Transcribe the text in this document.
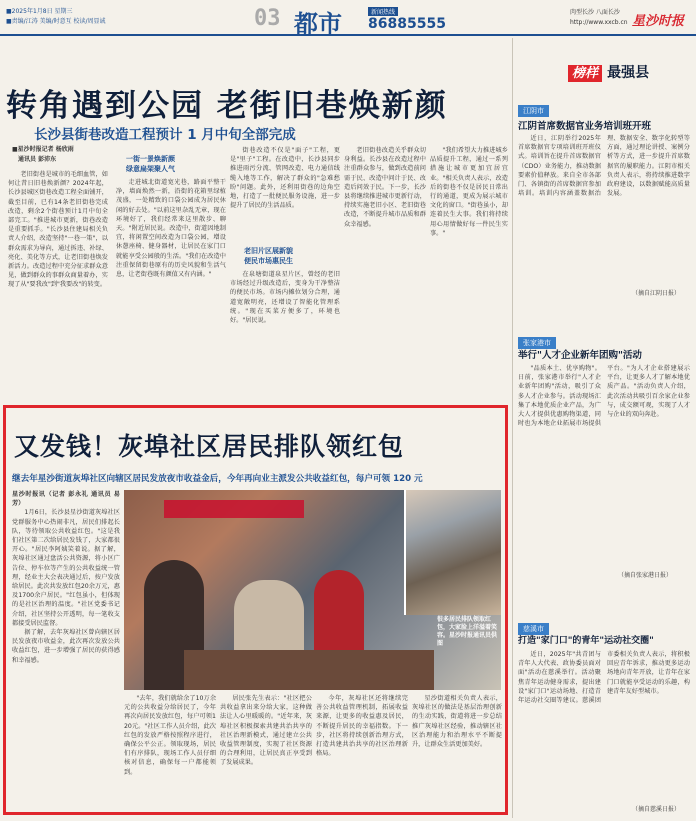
■2025年1月8日 星期三
■责编/江涛 美编/时意互 校读/周显诚	03 都市	新闻热线
86885555
肉型长沙 八面长沙
http://www.xxcb.cn 星沙时报
转角遇到公园 老街旧巷焕新颜
长沙县街巷改造工程预计 1 月中旬全部完成
■星沙时报记者 杨欣雨
通讯员 彭沛东

老旧街巷是城市的毛细血管，如何让昔日旧巷焕新颜？2024年起，长沙县城区街巷改造工程全面铺开，截至目前，已有14条老旧街巷完成改造，剩余2个街巷预计1月中旬全部完工。"推进城市更新，街巷改造是重要抓手。"长沙县住建局相关负责人介绍，改造坚持"一巷一策"，以群众需求为导向，通过拆违、补绿、亮化、美化等方式，让老旧街巷焕发新活力。改造过程中充分征求群众意见，做到群众的事群众商量着办，实现了从"要我改"到"我要改"的转变。

一街一景焕新颜
绿意扁架聚人气

走进城北街道宽光巷，路面平整干净，墙面焕然一新，沿街的花箱里绿植茂盛，一处精致的口袋公园成为居民休闲的好去处。"以前这里杂乱无章，现在环境好了，我们经常来这里散步、聊天。"附近居民说。改造中，街道因地制宜，将闲置空间改造为口袋公园，增设休憩座椅、健身器材，让居民在家门口就能享受公园般的生活。"我们在改造中注重保留街巷原有的历史风貌和生活气息，让老街巷既有颜值又有内涵。"

街巷改造不仅是"面子"工程，更是"里子"工程。在改造中，长沙县同步推进雨污分流、管网改造、电力通信线缆入地等工作，解决了群众的"急难愁盼"问题。此外，还利用街巷的边角空地，打造了一批便民服务设施，进一步提升了居民的生活品质。

老旧片区展新貌
便民市场惠民生

在泉塘街道泉星片区，曾经的老旧市场经过升级改造后，变身为干净整洁的便民市场。市场内摊位划分合理，通道宽敞明亮，还增设了智能化管理系统。"现在买菜方便多了，环境也好。"居民说。

老旧街巷改造关乎群众切身利益。长沙县在改造过程中注重群众参与，做到改造前问需于民、改造中问计于民、改造后问效于民。下一步，长沙县将继续推进城市更新行动，持续实施老旧小区、老旧街巷改造，不断提升城市品质和群众幸福感。

"我们希望大力推进城乡品质提升工程，通过一系列措施让城市更加宜居宜业。"相关负责人表示，改造后的街巷不仅是居民日常出行的通道，更成为展示城市文化的窗口。"街巷虽小，却连着民生大事。我们将持续用心用情做好每一件民生实事。"

又发钱！灰埠社区居民排队领红包
继去年星沙街道灰埠社区向辖区居民发放夜市收益金后，今年再向业主派发公共收益红包，每户可领 120 元

星沙时报讯（记者 彭永礼 通讯员 易芳）

1月6日，长沙县星沙街道灰埠社区党群服务中心热闹非凡，居民们排起长队，等待领取公共收益红包。"这是我们社区第二次给居民发钱了，大家都很开心。"居民李阿姨笑着说。据了解，灰埠社区通过盘活公共资源，将小区广告位、停车位等产生的公共收益统一管理，经业主大会表决通过后，按户发放给居民。此次共发放红包20余万元，惠及1700余户居民。"红包虽小，但体现的是社区治理的温度。"社区党委书记介绍，社区坚持公开透明，每一笔收支都接受居民监督。

据了解，去年灰埠社区曾向辖区居民发放夜市收益金，此次再次发放公共收益红包，进一步增强了居民的获得感和幸福感。

很多居民排队领取红包，大家脸上洋溢着笑容。星沙时报通讯员供图

"去年，我们就给余了10万余元的公共收益分给居民了，今年再次向居民发放红包，每户可领120元。"社区工作人员介绍，此次红包的发放严格按照程序进行，确保公平公正。领取现场，居民们有序排队，现场工作人员仔细核对信息，确保每一户都能领到。

居民张先生表示："社区把公共收益拿出来分给大家，这种做法让人心里暖暖的。"近年来，灰埠社区积极探索共建共治共享的社区治理新模式，通过建立公共收益管理制度，实现了社区资源的合理利用，让居民真正享受到了发展成果。

今年，灰埠社区还将继续完善公共收益管理机制，拓展收益来源，让更多的收益惠及居民，不断提升居民的幸福指数。下一步，社区将持续创新治理方式，打造共建共治共享的社区治理新格局。

星沙街道相关负责人表示，灰埠社区的做法是基层治理创新的生动实践，街道将进一步总结推广灰埠社区经验，推动辖区社区治理能力和治理水平不断提升，让群众生活更加美好。

榜样 最强县
江阴市
江阴首席数据官业务培训班开班

近日，江阴举行2025年首席数据官专项培训班开班仪式。培训旨在提升首席数据官（CDO）业务能力，推动数据要素价值释放。来自全市各部门、各镇街的首席数据官参加培训。培训内容涵盖数据治理、数据安全、数字化转型等方面，通过理论讲授、案例分析等方式，进一步提升首席数据官的履职能力。江阴市相关负责人表示，将持续推进数字政府建设，以数据赋能高质量发展。

（摘自江阴日报）
张家港市
举行"人才企业新年团购"活动

"品质本土、优享购物"。日前，张家港市举行"人才企业新年团购"活动，吸引了众多人才企业参与。活动现场汇集了本地优质企业产品，为广大人才提供优惠购物渠道，同时也为本地企业拓展市场提供平台。"为人才企业搭建展示平台，让更多人才了解本地优质产品。"活动负责人介绍，此次活动共吸引百余家企业参与，成交额可观，实现了人才与企业的双向奔赴。

（摘自张家港日报）
慈溪市
打造"家门口"的青年"运动社交圈"

近日，2025年"共青团与青年人大代表、政协委员面对面"活动在慈溪举行。活动聚焦青年运动健身需求，提出建设"家门口"运动场地、打造青年运动社交圈等建议。慈溪团市委相关负责人表示，将积极回应青年诉求，推动更多运动场地向青年开放，让青年在家门口就能享受运动的乐趣，构建青年友好型城市。

（摘自慈溪日报）
